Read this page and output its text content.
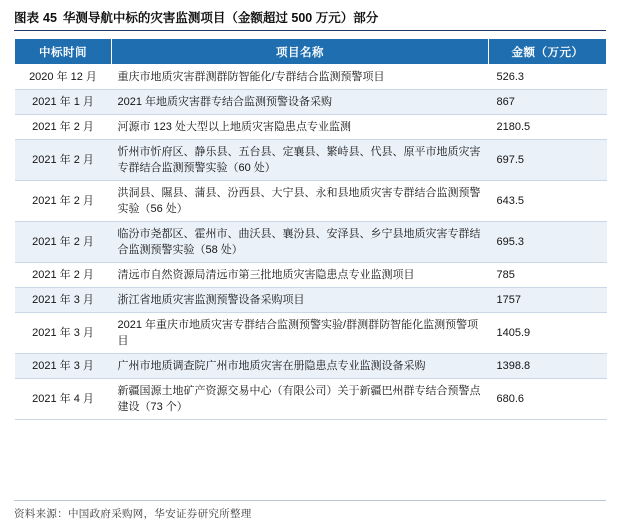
图表 45 华测导航中标的灾害监测项目（金额超过 500 万元）部分
中标时间	项目名称	金额（万元）
2020 年 12 月	重庆市地质灾害群测群防智能化/专群结合监测预警项目	526.3
2021 年 1 月	2021 年地质灾害群专结合监测预警设备采购	867
2021 年 2 月	河源市 123 处大型以上地质灾害隐患点专业监测	2180.5
2021 年 2 月	忻州市忻府区、静乐县、五台县、定襄县、繁峙县、代县、原平市地质灾害专群结合监测预警实验（60 处）	697.5
2021 年 2 月	洪洞县、隰县、蒲县、汾西县、大宁县、永和县地质灾害专群结合监测预警实验（56 处）	643.5
2021 年 2 月	临汾市尧都区、霍州市、曲沃县、襄汾县、安泽县、乡宁县地质灾害专群结合监测预警实验（58 处）	695.3
2021 年 2 月	清远市自然资源局清远市第三批地质灾害隐患点专业监测项目	785
2021 年 3 月	浙江省地质灾害监测预警设备采购项目	1757
2021 年 3 月	2021 年重庆市地质灾害专群结合监测预警实验/群测群防智能化监测预警项目	1405.9
2021 年 3 月	广州市地质调查院广州市地质灾害在册隐患点专业监测设备采购	1398.8
2021 年 4 月	新疆国源土地矿产资源交易中心（有限公司）关于新疆巴州群专结合预警点建设（73 个）	680.6
资料来源：中国政府采购网，华安证券研究所整理
